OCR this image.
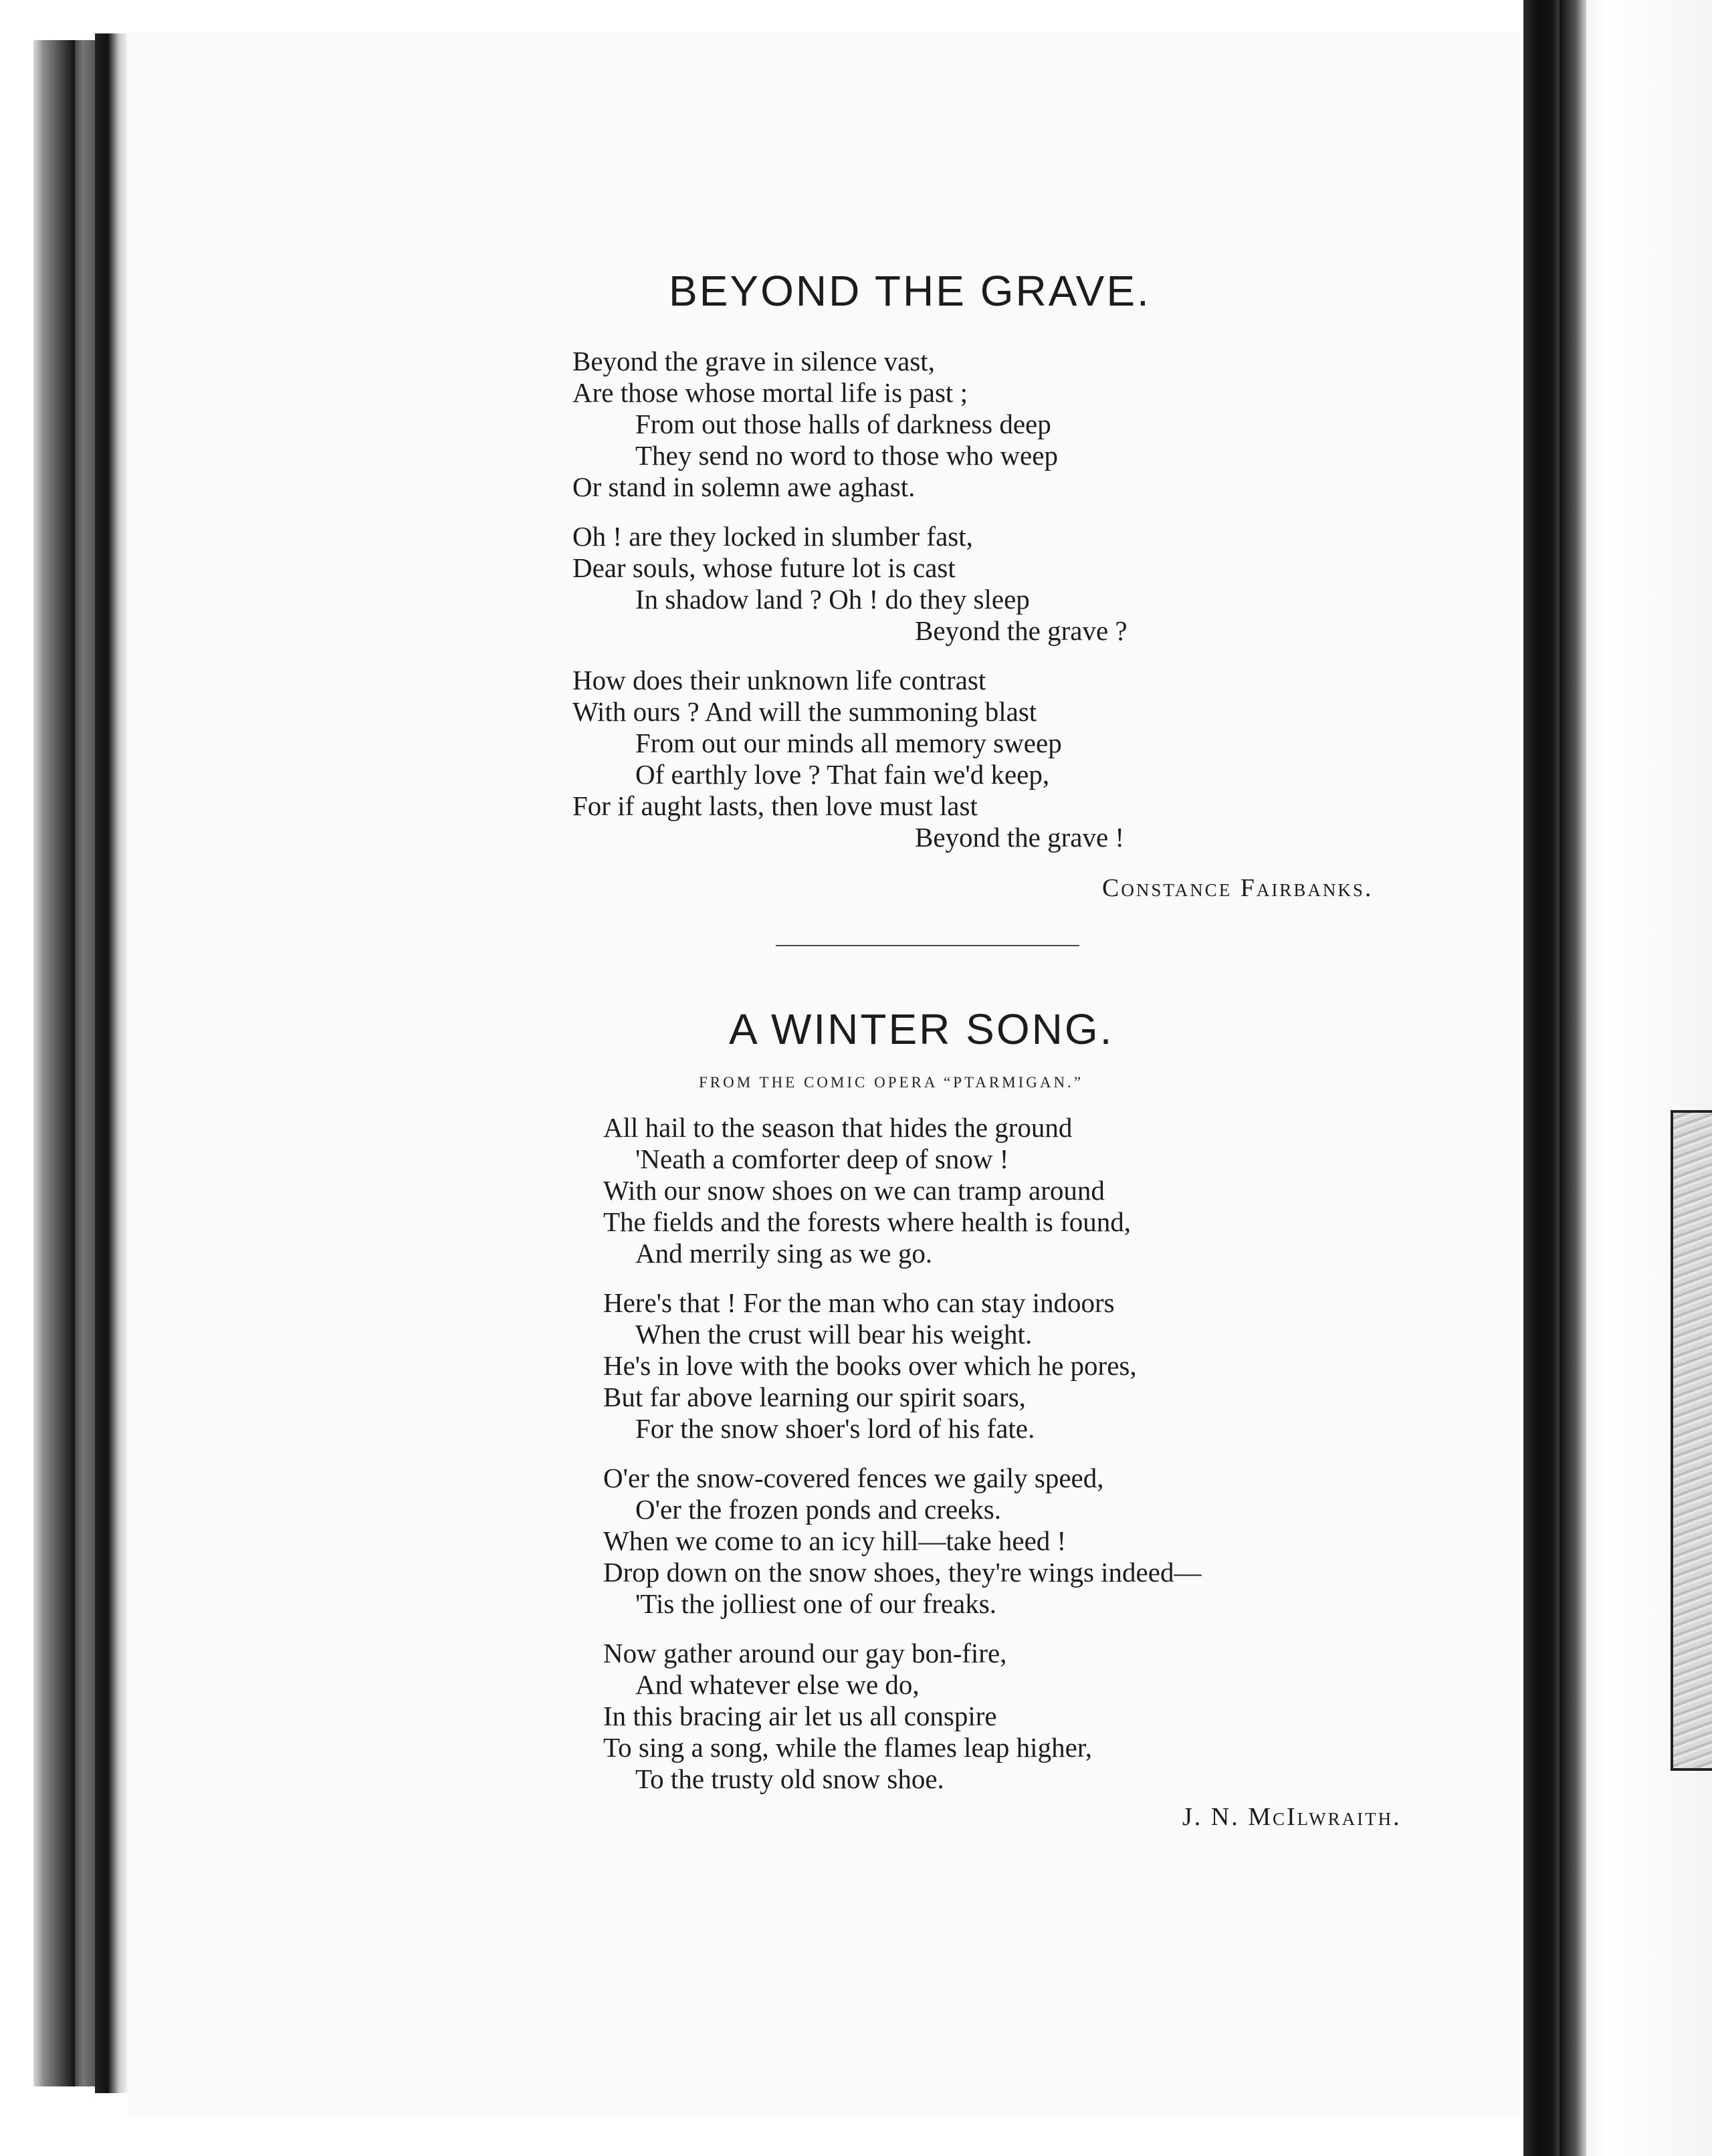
BEYOND THE GRAVE.
Beyond the grave in silence vast,
Are those whose mortal life is past ;
From out those halls of darkness deep
They send no word to those who weep
Or stand in solemn awe aghast.
Oh ! are they locked in slumber fast,
Dear souls, whose future lot is cast
In shadow land ? Oh ! do they sleep
Beyond the grave ?
How does their unknown life contrast
With ours ? And will the summoning blast
From out our minds all memory sweep
Of earthly love ? That fain we'd keep,
For if aught lasts, then love must last
Beyond the grave !
Constance Fairbanks.
A WINTER SONG.
FROM THE COMIC OPERA “PTARMIGAN.”
All hail to the season that hides the ground
'Neath a comforter deep of snow !
With our snow shoes on we can tramp around
The fields and the forests where health is found,
And merrily sing as we go.
Here's that ! For the man who can stay indoors
When the crust will bear his weight.
He's in love with the books over which he pores,
But far above learning our spirit soars,
For the snow shoer's lord of his fate.
O'er the snow-covered fences we gaily speed,
O'er the frozen ponds and creeks.
When we come to an icy hill—take heed !
Drop down on the snow shoes, they're wings indeed—
'Tis the jolliest one of our freaks.
Now gather around our gay bon-fire,
And whatever else we do,
In this bracing air let us all conspire
To sing a song, while the flames leap higher,
To the trusty old snow shoe.
J. N. McIlwraith.
